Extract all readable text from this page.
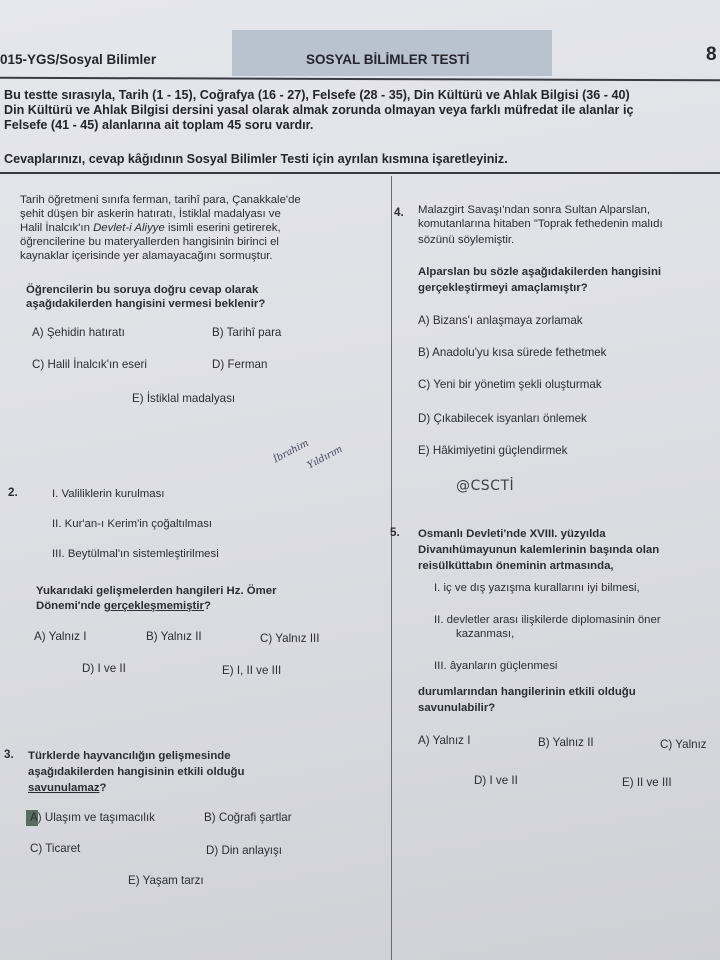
015-YGS/Sosyal Bilimler	SOSYAL BİLİMLER TESTİ	8
Bu testte sırasıyla, Tarih (1 - 15), Coğrafya (16 - 27), Felsefe (28 - 35), Din Kültürü ve Ahlak Bilgisi (36 - 40)
Din Kültürü ve Ahlak Bilgisi dersini yasal olarak almak zorunda olmayan veya farklı müfredat ile alanlar iç
Felsefe (41 - 45) alanlarına ait toplam 45 soru vardır.
Cevaplarınızı, cevap kâğıdının Sosyal Bilimler Testi için ayrılan kısmına işaretleyiniz.
Tarih öğretmeni sınıfa ferman, tarihî para, Çanakkale'de
şehit düşen bir askerin hatıratı, İstiklal madalyası ve
Halil İnalcık'ın Devlet-i Aliyye isimli eserini getirerek,
öğrencilerine bu materyallerden hangisinin birinci el
kaynaklar içerisinde yer alamayacağını sormuştur.
Öğrencilerin bu soruya doğru cevap olarak
aşağıdakilerden hangisini vermesi beklenir?
A) Şehidin hatıratı	B) Tarihî para
C) Halil İnalcık'ın eseri	D) Ferman
E) İstiklal madalyası
İbrahim
Yıldırım
2.	I. Valiliklerin kurulması
II. Kur'an-ı Kerim'in çoğaltılması
III. Beytülmal'ın sistemleştirilmesi
Yukarıdaki gelişmelerden hangileri Hz. Ömer
Dönemi'nde gerçekleşmemiştir?
A) Yalnız I	B) Yalnız II	C) Yalnız III
D) I ve II	E) I, II ve III
3. Türklerde hayvancılığın gelişmesinde
aşağıdakilerden hangisinin etkili olduğu
savunulamaz?
A) Ulaşım ve taşımacılık	B) Coğrafi şartlar
C) Ticaret	D) Din anlayışı
E) Yaşam tarzı
4. Malazgirt Savaşı'ndan sonra Sultan Alparslan,
komutanlarına hitaben "Toprak fethedenin malıdı
sözünü söylemiştir.
Alparslan bu sözle aşağıdakilerden hangisini
gerçekleştirmeyi amaçlamıştır?
A) Bizans'ı anlaşmaya zorlamak
B) Anadolu'yu kısa sürede fethetmek
C) Yeni bir yönetim şekli oluşturmak
D) Çıkabilecek isyanları önlemek
E) Hâkimiyetini güçlendirmek
@CSCTİ
5. Osmanlı Devleti'nde XVIII. yüzyılda
Divanıhümayunun kalemlerinin başında olan
reisülküttabın öneminin artmasında,
I. iç ve dış yazışma kurallarını iyi bilmesi,
II. devletler arası ilişkilerde diplomasinin öner
kazanması,
III. âyanların güçlenmesi
durumlarından hangilerinin etkili olduğu
savunulabilir?
A) Yalnız I	B) Yalnız II	C) Yalnız
D) I ve II	E) II ve III
